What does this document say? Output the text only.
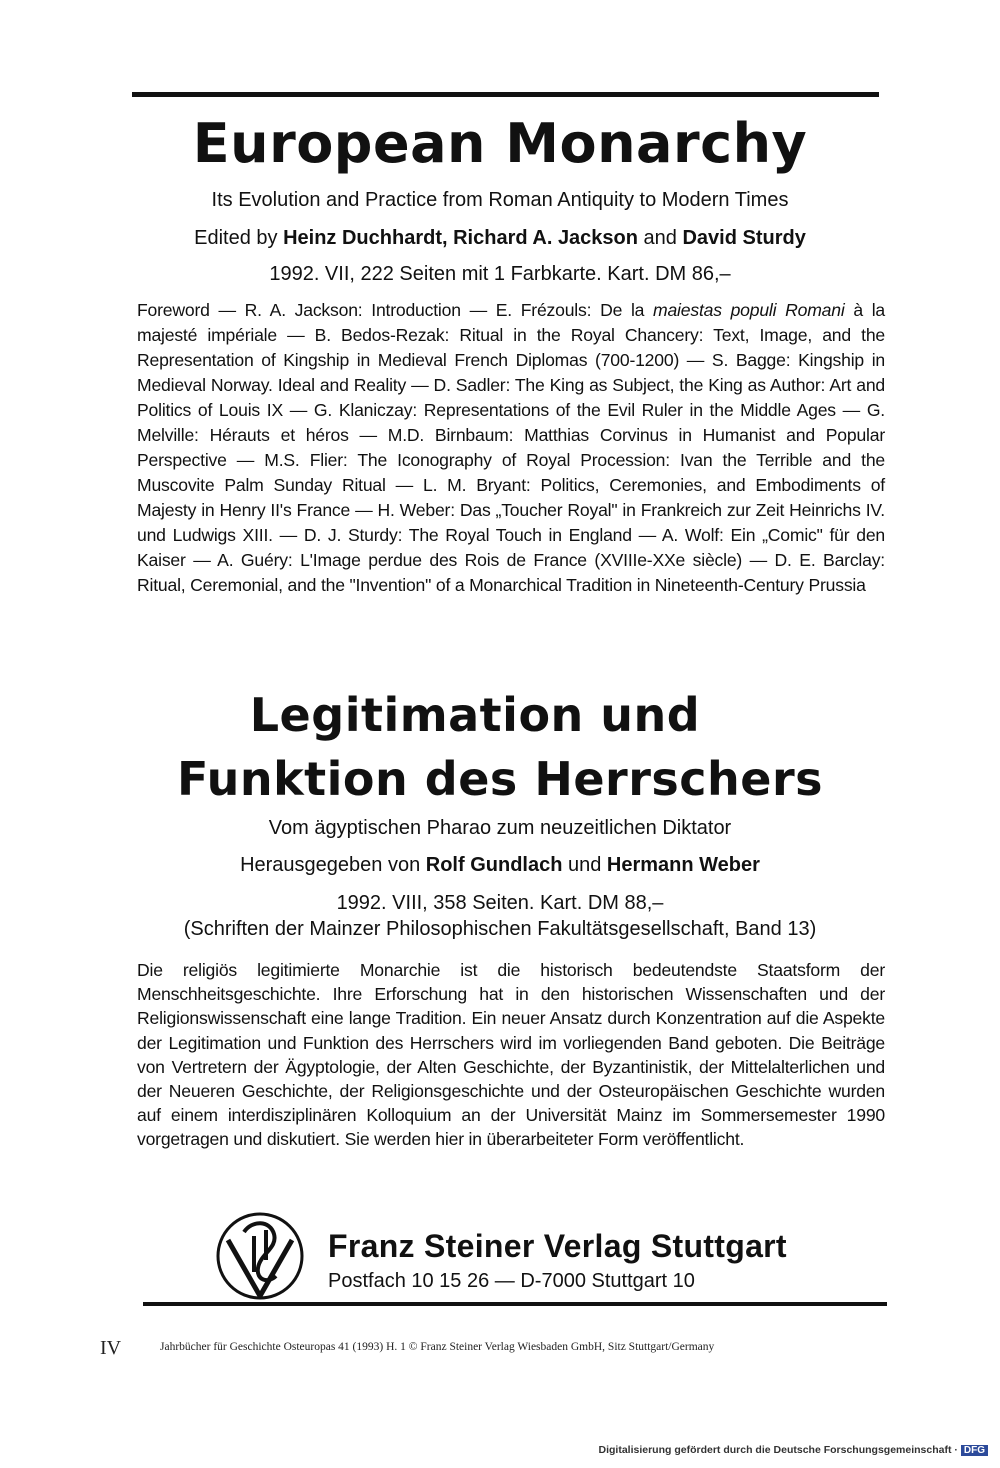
European Monarchy
Its Evolution and Practice from Roman Antiquity to Modern Times
Edited by Heinz Duchhardt, Richard A. Jackson and David Sturdy
1992. VII, 222 Seiten mit 1 Farbkarte. Kart. DM 86,–
Foreword — R. A. Jackson: Introduction — E. Frézouls: De la maiestas populi Romani à la majesté impériale — B. Bedos-Rezak: Ritual in the Royal Chancery: Text, Image, and the Representation of Kingship in Medieval French Diplomas (700-1200) — S. Bagge: Kingship in Medieval Norway. Ideal and Reality — D. Sadler: The King as Subject, the King as Author: Art and Politics of Louis IX — G. Klaniczay: Representations of the Evil Ruler in the Middle Ages — G. Melville: Hérauts et héros — M.D. Birnbaum: Matthias Corvinus in Humanist and Popular Perspective — M.S. Flier: The Iconography of Royal Procession: Ivan the Terrible and the Muscovite Palm Sunday Ritual — L. M. Bryant: Politics, Ceremonies, and Embodiments of Majesty in Henry II's France — H. Weber: Das „Toucher Royal" in Frankreich zur Zeit Heinrichs IV. und Ludwigs XIII. — D. J. Sturdy: The Royal Touch in England — A. Wolf: Ein „Comic" für den Kaiser — A. Guéry: L'Image perdue des Rois de France (XVIIIe-XXe siècle) — D. E. Barclay: Ritual, Ceremonial, and the "Invention" of a Monarchical Tradition in Nineteenth-Century Prussia
Legitimation und
Funktion des Herrschers
Vom ägyptischen Pharao zum neuzeitlichen Diktator
Herausgegeben von Rolf Gundlach und Hermann Weber
1992. VIII, 358 Seiten. Kart. DM 88,–
(Schriften der Mainzer Philosophischen Fakultätsgesellschaft, Band 13)
Die religiös legitimierte Monarchie ist die historisch bedeutendste Staatsform der Menschheitsgeschichte. Ihre Erforschung hat in den historischen Wissenschaften und der Religionswissenschaft eine lange Tradition. Ein neuer Ansatz durch Konzentration auf die Aspekte der Legitimation und Funktion des Herrschers wird im vorliegenden Band geboten. Die Beiträge von Vertretern der Ägyptologie, der Alten Geschichte, der Byzantinistik, der Mittelalterlichen und der Neueren Geschichte, der Religionsgeschichte und der Osteuropäischen Geschichte wurden auf einem interdisziplinären Kolloquium an der Universität Mainz im Sommersemester 1990 vorgetragen und diskutiert. Sie werden hier in überarbeiteter Form veröffentlicht.
Franz Steiner Verlag Stuttgart
Postfach 10 15 26 — D-7000 Stuttgart 10
IV	Jahrbücher für Geschichte Osteuropas 41 (1993) H. 1 © Franz Steiner Verlag Wiesbaden GmbH, Sitz Stuttgart/Germany
Digitalisierung gefördert durch die Deutsche Forschungsgemeinschaft · DFG
